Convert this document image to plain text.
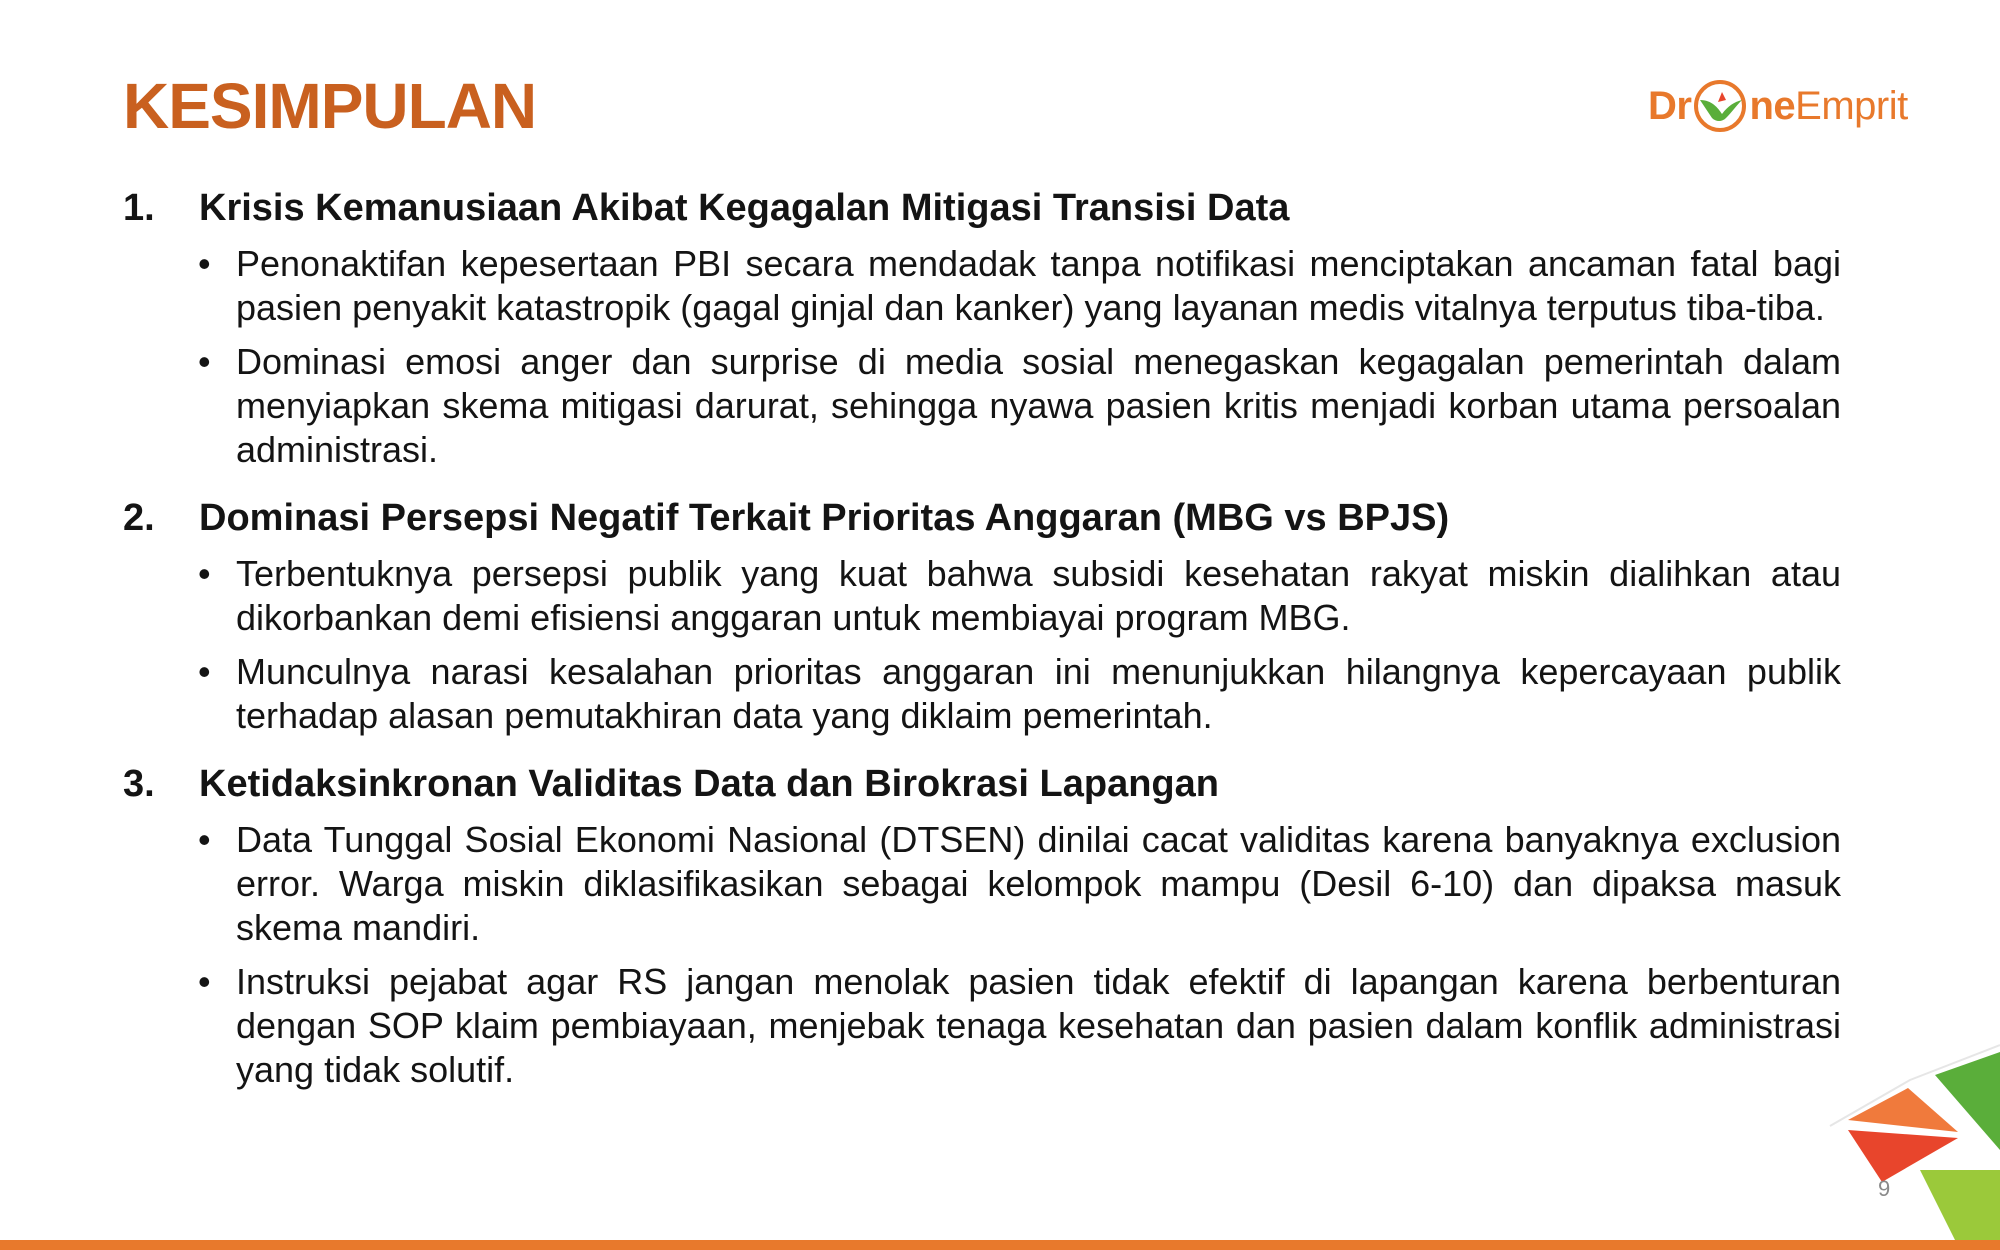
KESIMPULAN	Dr ne Emprit
1.	Krisis Kemanusiaan Akibat Kegagalan Mitigasi Transisi Data
• Penonaktifan kepesertaan PBI secara mendadak tanpa notifikasi menciptakan ancaman fatal bagi pasien penyakit katastropik (gagal ginjal dan kanker) yang layanan medis vitalnya terputus tiba-tiba.
• Dominasi emosi anger dan surprise di media sosial menegaskan kegagalan pemerintah dalam menyiapkan skema mitigasi darurat, sehingga nyawa pasien kritis menjadi korban utama persoalan administrasi.
2.	Dominasi Persepsi Negatif Terkait Prioritas Anggaran (MBG vs BPJS)
• Terbentuknya persepsi publik yang kuat bahwa subsidi kesehatan rakyat miskin dialihkan atau dikorbankan demi efisiensi anggaran untuk membiayai program MBG.
• Munculnya narasi kesalahan prioritas anggaran ini menunjukkan hilangnya kepercayaan publik terhadap alasan pemutakhiran data yang diklaim pemerintah.
3.	Ketidaksinkronan Validitas Data dan Birokrasi Lapangan
• Data Tunggal Sosial Ekonomi Nasional (DTSEN) dinilai cacat validitas karena banyaknya exclusion error. Warga miskin diklasifikasikan sebagai kelompok mampu (Desil 6-10) dan dipaksa masuk skema mandiri.
• Instruksi pejabat agar RS jangan menolak pasien tidak efektif di lapangan karena berbenturan dengan SOP klaim pembiayaan, menjebak tenaga kesehatan dan pasien dalam konflik administrasi yang tidak solutif.
9
